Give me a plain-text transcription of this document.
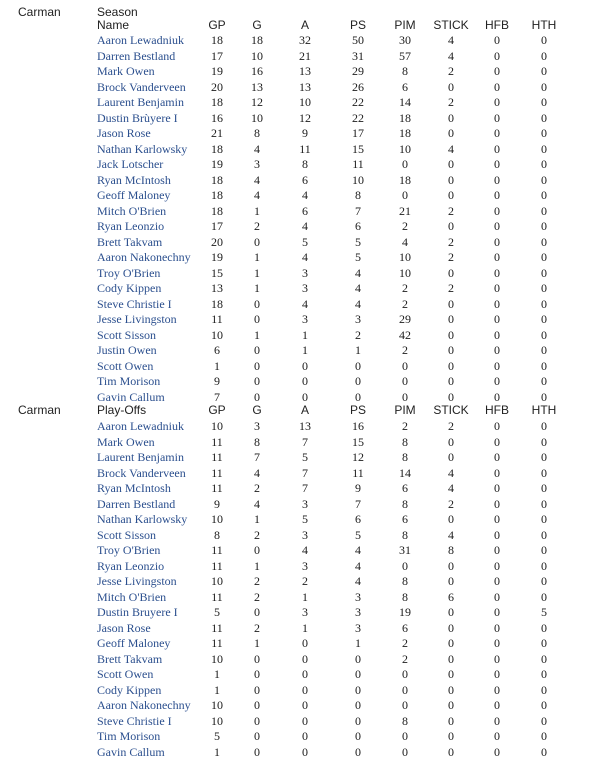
Carman	Season
Name	GP	G	A	PS	PIM	STICK	HFB	HTH
Aaron Lewadniuk	18	18	32	50	30	4	0	0
Darren Bestland	17	10	21	31	57	4	0	0
Mark Owen	19	16	13	29	8	2	0	0
Brock Vanderveen	20	13	13	26	6	0	0	0
Laurent Benjamin	18	12	10	22	14	2	0	0
Dustin Brùyere I	16	10	12	22	18	0	0	0
Jason Rose	21	8	9	17	18	0	0	0
Nathan Karlowsky	18	4	11	15	10	4	0	0
Jack Lotscher	19	3	8	11	0	0	0	0
Ryan McIntosh	18	4	6	10	18	0	0	0
Geoff Maloney	18	4	4	8	0	0	0	0
Mitch O'Brien	18	1	6	7	21	2	0	0
Ryan Leonzio	17	2	4	6	2	0	0	0
Brett Takvam	20	0	5	5	4	2	0	0
Aaron Nakonechny	19	1	4	5	10	2	0	0
Troy O'Brien	15	1	3	4	10	0	0	0
Cody Kippen	13	1	3	4	2	2	0	0
Steve Christie I	18	0	4	4	2	0	0	0
Jesse Livingston	11	0	3	3	29	0	0	0
Scott Sisson	10	1	1	2	42	0	0	0
Justin Owen	6	0	1	1	2	0	0	0
Scott Owen	1	0	0	0	0	0	0	0
Tim Morison	9	0	0	0	0	0	0	0
Gavin Callum	7	0	0	0	0	0	0	0
Carman	Play-Offs	GP	G	A	PS	PIM	STICK	HFB	HTH
Aaron Lewadniuk	10	3	13	16	2	2	0	0
Mark Owen	11	8	7	15	8	0	0	0
Laurent Benjamin	11	7	5	12	8	0	0	0
Brock Vanderveen	11	4	7	11	14	4	0	0
Ryan McIntosh	11	2	7	9	6	4	0	0
Darren Bestland	9	4	3	7	8	2	0	0
Nathan Karlowsky	10	1	5	6	6	0	0	0
Scott Sisson	8	2	3	5	8	4	0	0
Troy O'Brien	11	0	4	4	31	8	0	0
Ryan Leonzio	11	1	3	4	0	0	0	0
Jesse Livingston	10	2	2	4	8	0	0	0
Mitch O'Brien	11	2	1	3	8	6	0	0
Dustin Bruyere I	5	0	3	3	19	0	0	5
Jason Rose	11	2	1	3	6	0	0	0
Geoff Maloney	11	1	0	1	2	0	0	0
Brett Takvam	10	0	0	0	2	0	0	0
Scott Owen	1	0	0	0	0	0	0	0
Cody Kippen	1	0	0	0	0	0	0	0
Aaron Nakonechny	10	0	0	0	0	0	0	0
Steve Christie I	10	0	0	0	8	0	0	0
Tim Morison	5	0	0	0	0	0	0	0
Gavin Callum	1	0	0	0	0	0	0	0
